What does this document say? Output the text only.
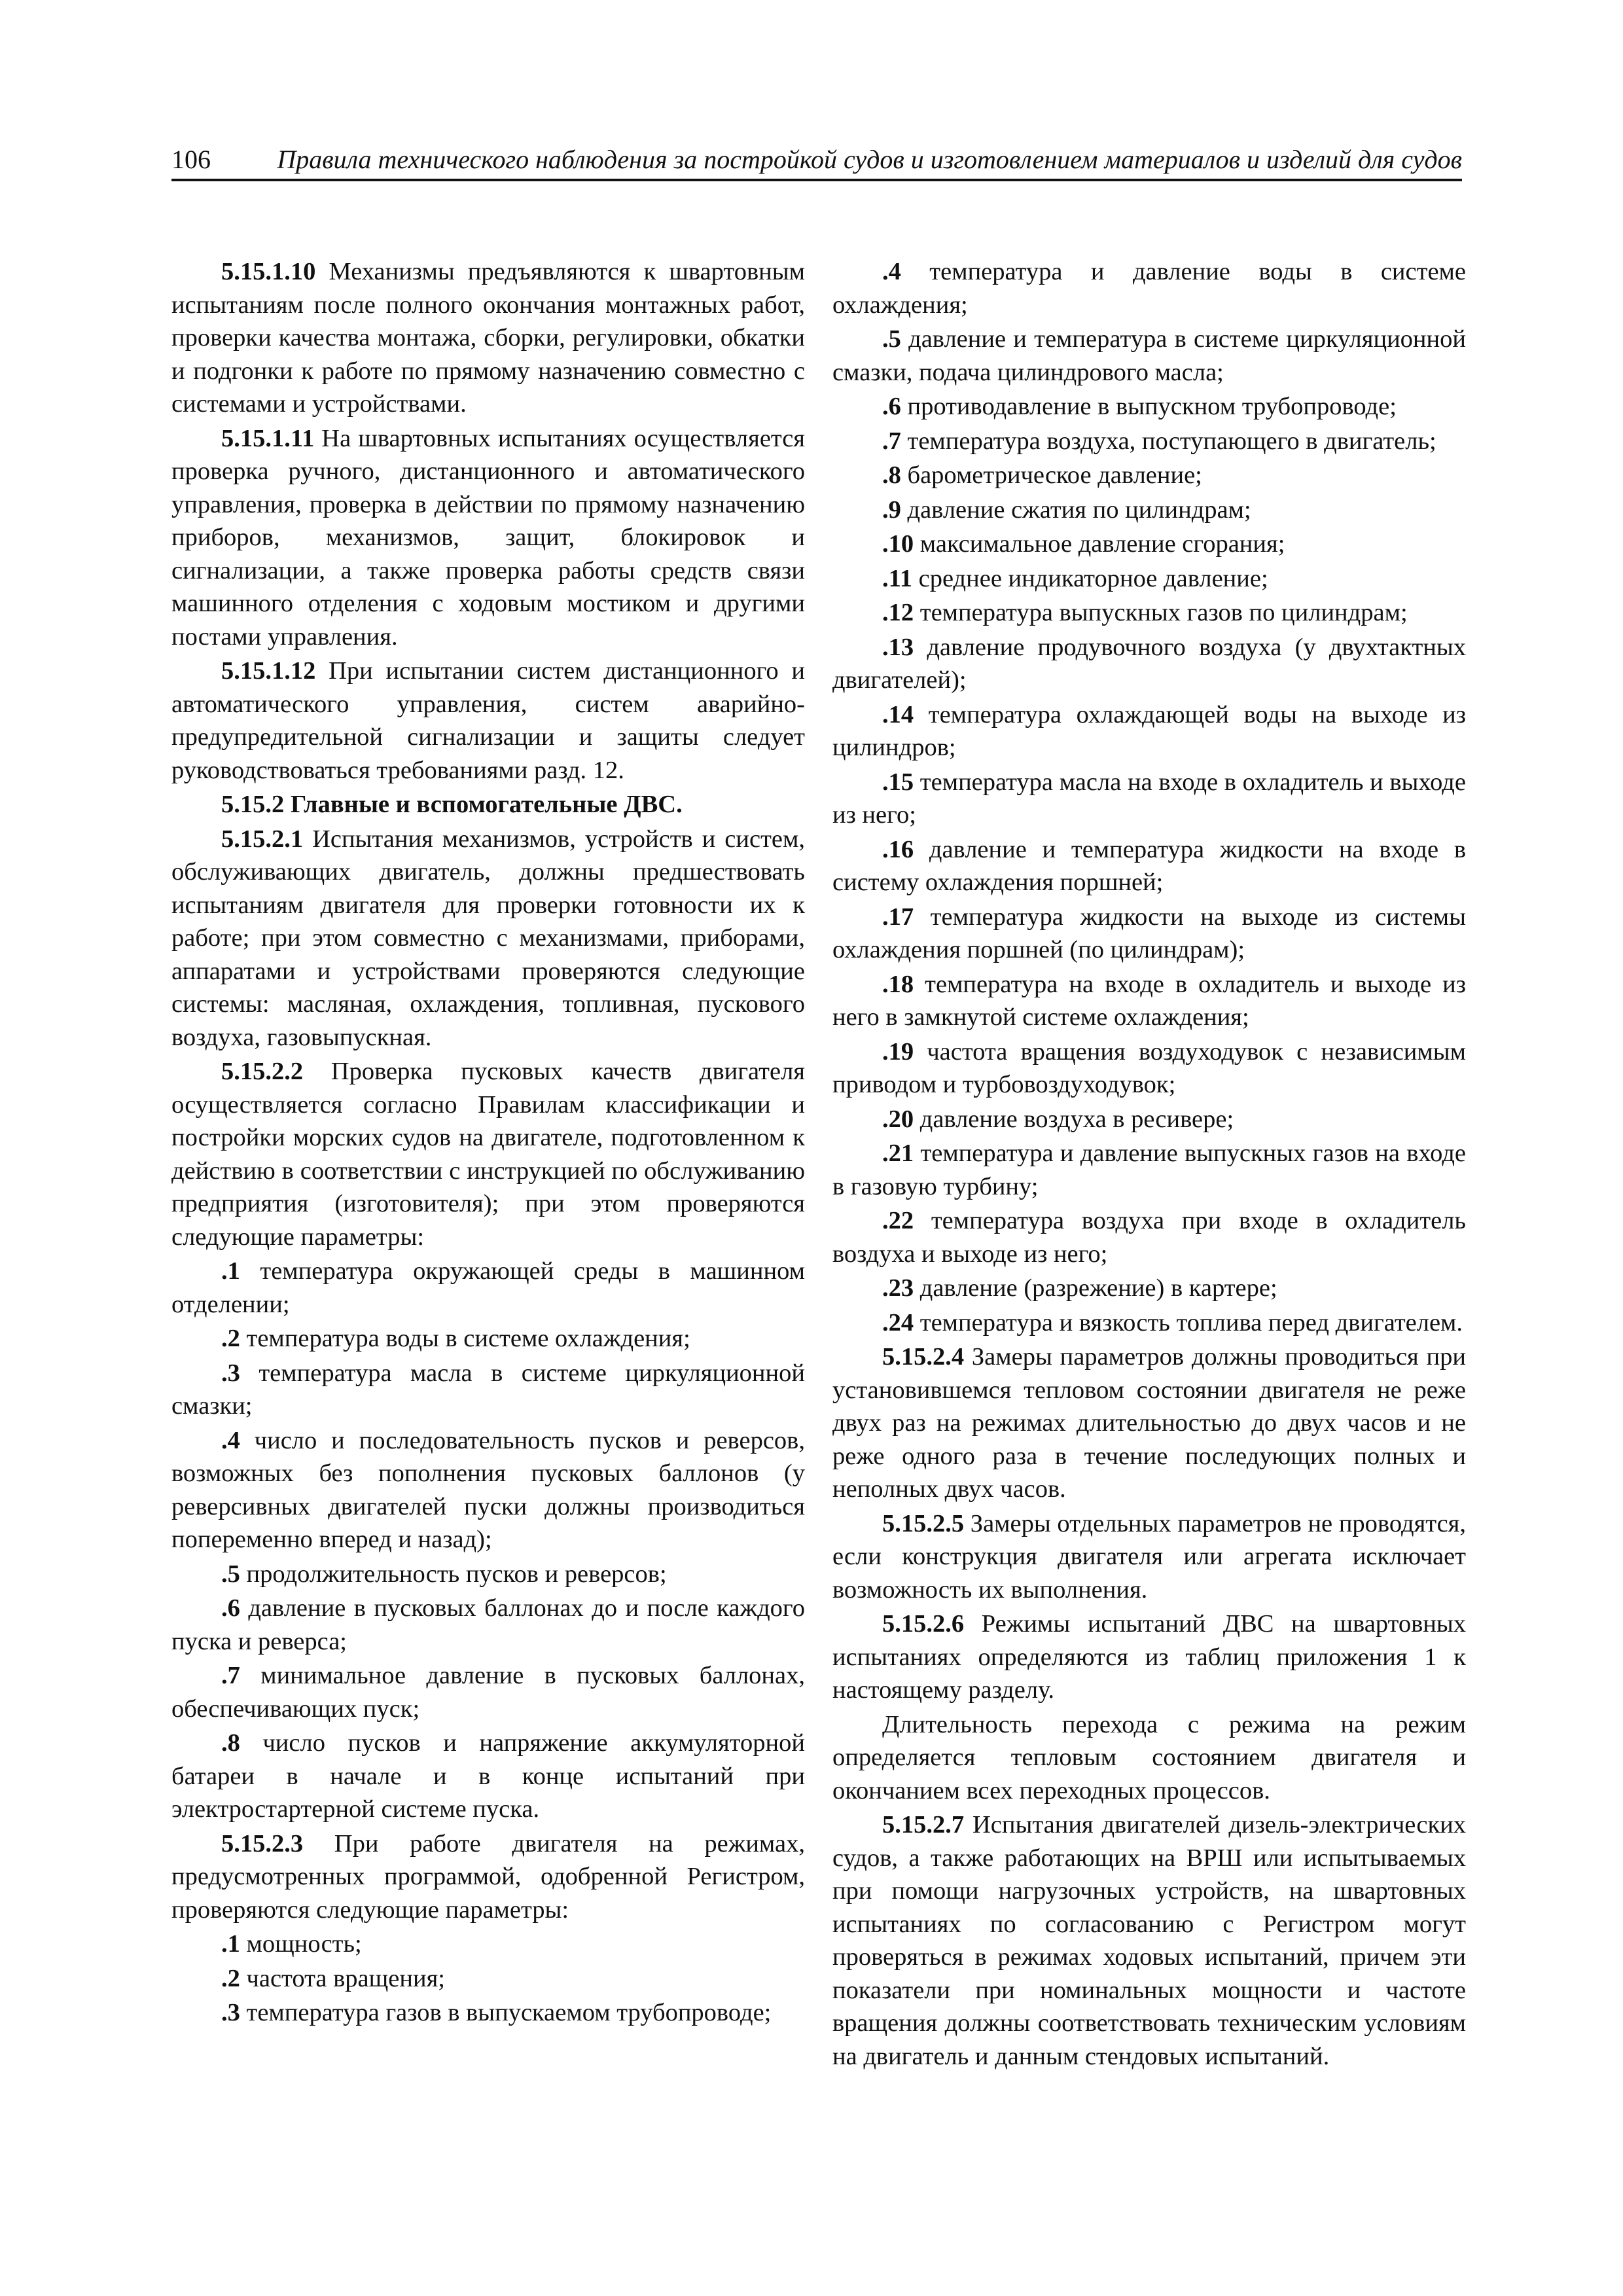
106	Правила технического наблюдения за постройкой судов и изготовлением материалов и изделий для судов

5.15.1.10 Механизмы предъявляются к швартовным испытаниям после полного окончания монтажных работ, проверки качества монтажа, сборки, регулировки, обкатки и подгонки к работе по прямому назначению совместно с системами и устройствами.

5.15.1.11 На швартовных испытаниях осуществляется проверка ручного, дистанционного и автоматического управления, проверка в действии по прямому назначению приборов, механизмов, защит, блокировок и сигнализации, а также проверка работы средств связи машинного отделения с ходовым мостиком и другими постами управления.

5.15.1.12 При испытании систем дистанционного и автоматического управления, систем аварийно-предупредительной сигнализации и защиты следует руководствоваться требованиями разд. 12.

5.15.2 Главные и вспомогательные ДВС.

5.15.2.1 Испытания механизмов, устройств и систем, обслуживающих двигатель, должны предшествовать испытаниям двигателя для проверки готовности их к работе; при этом совместно с механизмами, приборами, аппаратами и устройствами проверяются следующие системы: масляная, охлаждения, топливная, пускового воздуха, газовыпускная.

5.15.2.2 Проверка пусковых качеств двигателя осуществляется согласно Правилам классификации и постройки морских судов на двигателе, подготовленном к действию в соответствии с инструкцией по обслуживанию предприятия (изготовителя); при этом проверяются следующие параметры:

.1 температура окружающей среды в машинном отделении;

.2 температура воды в системе охлаждения;

.3 температура масла в системе циркуляционной смазки;

.4 число и последовательность пусков и реверсов, возможных без пополнения пусковых баллонов (у реверсивных двигателей пуски должны производиться попеременно вперед и назад);

.5 продолжительность пусков и реверсов;

.6 давление в пусковых баллонах до и после каждого пуска и реверса;

.7 минимальное давление в пусковых баллонах, обеспечивающих пуск;

.8 число пусков и напряжение аккумуляторной батареи в начале и в конце испытаний при электростартерной системе пуска.

5.15.2.3 При работе двигателя на режимах, предусмотренных программой, одобренной Регистром, проверяются следующие параметры:

.1 мощность;

.2 частота вращения;

.3 температура газов в выпускаемом трубопроводе;

.4 температура и давление воды в системе охлаждения;

.5 давление и температура в системе циркуляционной смазки, подача цилиндрового масла;

.6 противодавление в выпускном трубопроводе;

.7 температура воздуха, поступающего в двигатель;

.8 барометрическое давление;

.9 давление сжатия по цилиндрам;

.10 максимальное давление сгорания;

.11 среднее индикаторное давление;

.12 температура выпускных газов по цилиндрам;

.13 давление продувочного воздуха (у двухтактных двигателей);

.14 температура охлаждающей воды на выходе из цилиндров;

.15 температура масла на входе в охладитель и выходе из него;

.16 давление и температура жидкости на входе в систему охлаждения поршней;

.17 температура жидкости на выходе из системы охлаждения поршней (по цилиндрам);

.18 температура на входе в охладитель и выходе из него в замкнутой системе охлаждения;

.19 частота вращения воздуходувок с независимым приводом и турбовоздуходувок;

.20 давление воздуха в ресивере;

.21 температура и давление выпускных газов на входе в газовую турбину;

.22 температура воздуха при входе в охладитель воздуха и выходе из него;

.23 давление (разрежение) в картере;

.24 температура и вязкость топлива перед двигателем.

5.15.2.4 Замеры параметров должны проводиться при установившемся тепловом состоянии двигателя не реже двух раз на режимах длительностью до двух часов и не реже одного раза в течение последующих полных и неполных двух часов.

5.15.2.5 Замеры отдельных параметров не проводятся, если конструкция двигателя или агрегата исключает возможность их выполнения.

5.15.2.6 Режимы испытаний ДВС на швартовных испытаниях определяются из таблиц приложения 1 к настоящему разделу.

Длительность перехода с режима на режим определяется тепловым состоянием двигателя и окончанием всех переходных процессов.

5.15.2.7 Испытания двигателей дизель-электрических судов, а также работающих на ВРШ или испытываемых при помощи нагрузочных устройств, на швартовных испытаниях по согласованию с Регистром могут проверяться в режимах ходовых испытаний, причем эти показатели при номинальных мощности и частоте вращения должны соответствовать техническим условиям на двигатель и данным стендовых испытаний.
